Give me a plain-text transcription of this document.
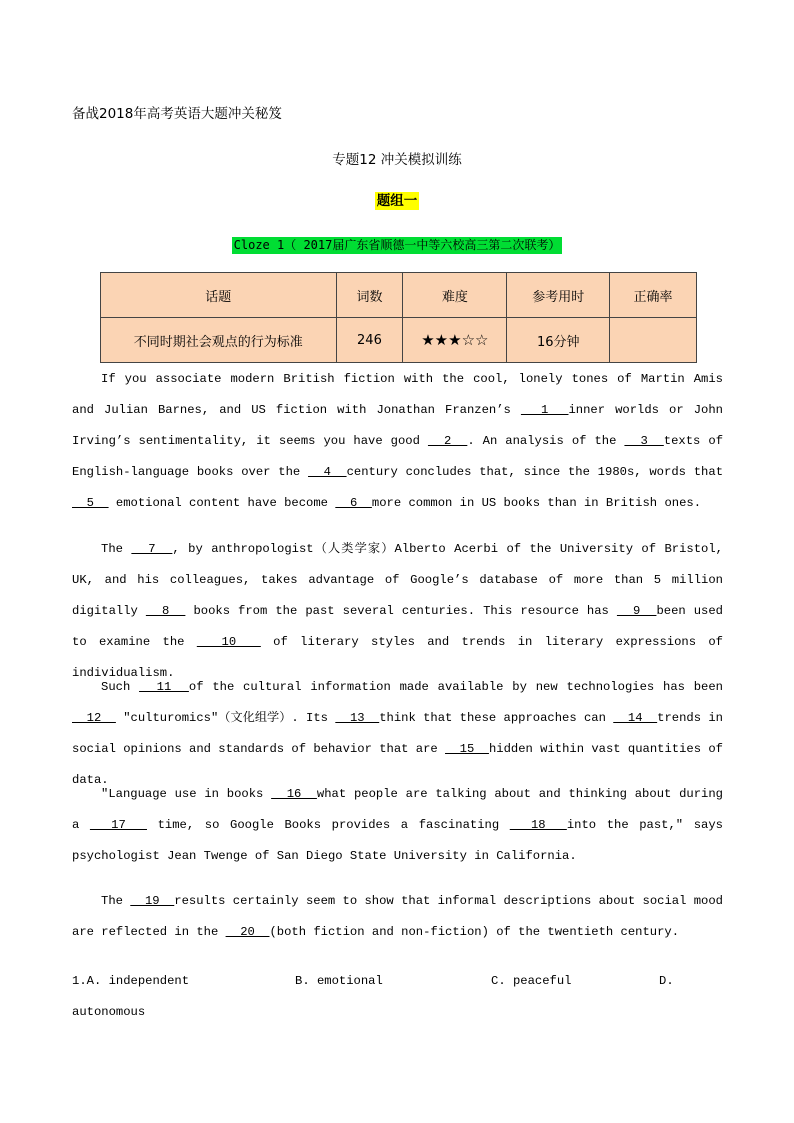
备战2018年高考英语大题冲关秘笈
专题12 冲关模拟训练
题组一
Cloze 1（ 2017届广东省顺德一中等六校高三第二次联考）
话题	词数	难度	参考用时	正确率
不同时期社会观点的行为标准	246	★★★☆☆	16分钟	

If you associate modern British fiction with the cool, lonely tones of Martin Amis and Julian Barnes, and US fiction with Jonathan Franzen’s   1  inner worlds or John Irving’s sentimentality, it seems you have good   2  . An analysis of the   3  texts of English-language books over the   4  century concludes that, since the 1980s, words that   5   emotional content have become   6  more common in US books than in British ones.

The   7  , by anthropologist（人类学家）Alberto Acerbi of the University of Bristol, UK, and his colleagues, takes advantage of Google’s database of more than 5 million digitally   8   books from the past several centuries. This resource has   9  been used to examine the   10   of literary styles and trends in literary expressions of individualism.

Such   11  of the cultural information made available by new technologies has been   12   "culturomics"（文化组学）. Its   13  think that these approaches can   14  trends in social opinions and standards of behavior that are   15  hidden within vast quantities of data.

"Language use in books   16  what people are talking about and thinking about during a   17   time, so Google Books provides a fascinating   18  into the past," says psychologist Jean Twenge of San Diego State University in California.

The   19  results certainly seem to show that informal descriptions about social mood are reflected in the   20  (both fiction and non-fiction) of the twentieth century.

1.A. independent	B. emotional	C. peaceful	D.
autonomous
